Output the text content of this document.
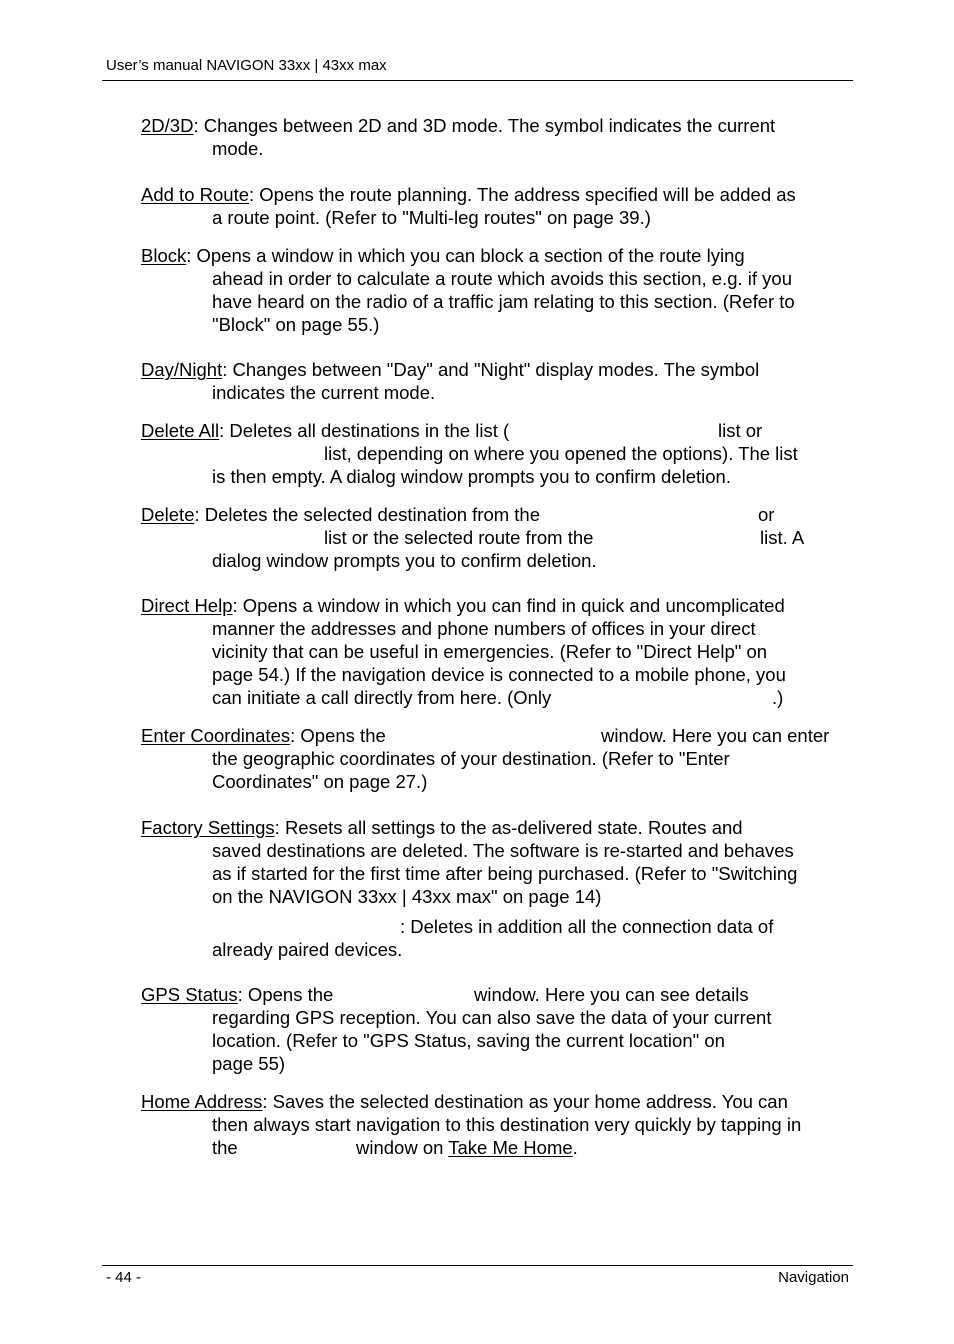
User’s manual NAVIGON 33xx | 43xx max
2D/3D: Changes between 2D and 3D mode. The symbol indicates the current
mode.
Add to Route: Opens the route planning. The address specified will be added as
a route point. (Refer to "Multi-leg routes" on page 39.)
Block: Opens a window in which you can block a section of the route lying
ahead in order to calculate a route which avoids this section, e.g. if you
have heard on the radio of a traffic jam relating to this section. (Refer to
"Block" on page 55.)
Day/Night: Changes between "Day" and "Night" display modes. The symbol
indicates the current mode.
Delete All: Deletes all destinations in the list (	list or
list, depending on where you opened the options). The list
is then empty. A dialog window prompts you to confirm deletion.
Delete: Deletes the selected destination from the	or
list or the selected route from the	list. A
dialog window prompts you to confirm deletion.
Direct Help: Opens a window in which you can find in quick and uncomplicated
manner the addresses and phone numbers of offices in your direct
vicinity that can be useful in emergencies. (Refer to "Direct Help" on
page 54.) If the navigation device is connected to a mobile phone, you
can initiate a call directly from here. (Only	.)
Enter Coordinates: Opens the	window. Here you can enter
the geographic coordinates of your destination. (Refer to "Enter
Coordinates" on page 27.)
Factory Settings: Resets all settings to the as-delivered state. Routes and
saved destinations are deleted. The software is re-started and behaves
as if started for the first time after being purchased. (Refer to "Switching
on the NAVIGON 33xx | 43xx max" on page 14)
: Deletes in addition all the connection data of
already paired devices.
GPS Status: Opens the	window. Here you can see details
regarding GPS reception. You can also save the data of your current
location. (Refer to "GPS Status, saving the current location" on
page 55)
Home Address: Saves the selected destination as your home address. You can
then always start navigation to this destination very quickly by tapping in
the	window on Take Me Home.
- 44 -	Navigation
